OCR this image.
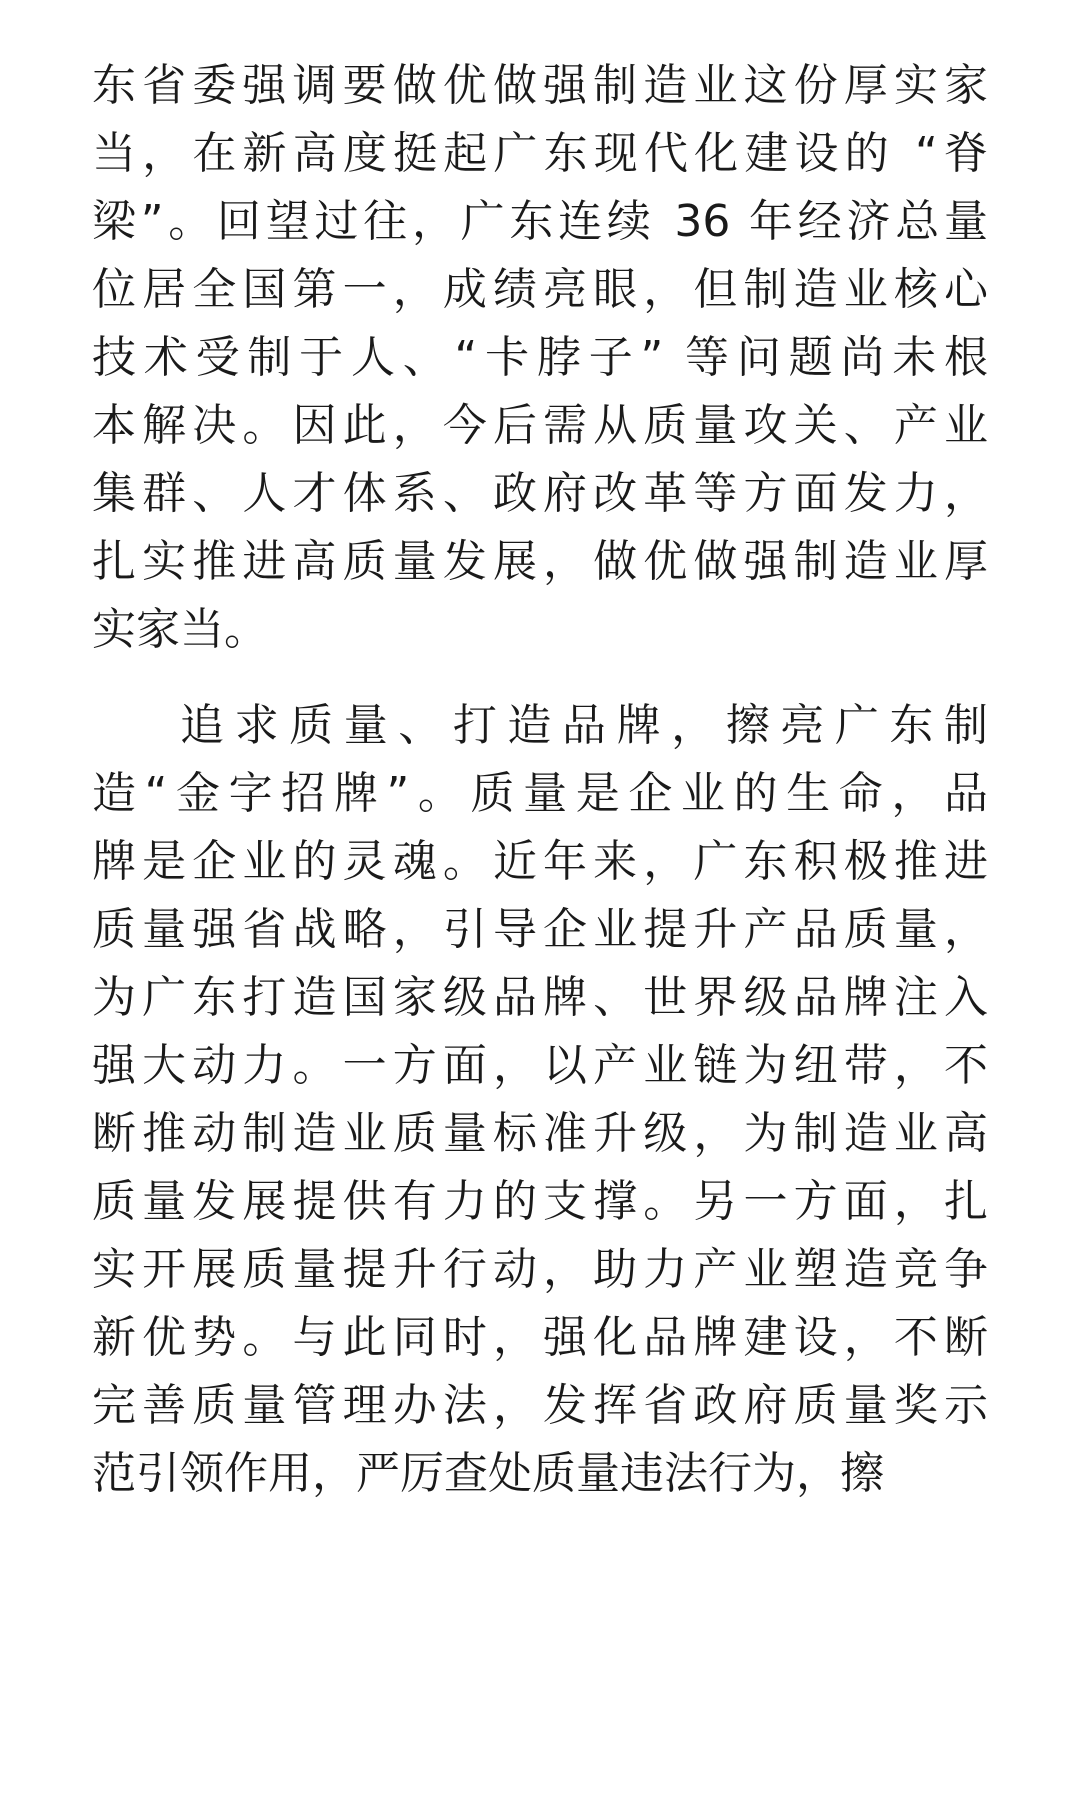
东省委强调要做优做强制造业这份厚实家
当，在新高度挺起广东现代化建设的 “脊
梁”。回望过往，广东连续 36 年经济总量
位居全国第一，成绩亮眼，但制造业核心
技术受制于人、“卡脖子” 等问题尚未根
本解决。因此，今后需从质量攻关、产业
集群、人才体系、政府改革等方面发力，
扎实推进高质量发展，做优做强制造业厚
实家当。
追求质量、打造品牌，擦亮广东制
造“金字招牌”。质量是企业的生命，品
牌是企业的灵魂。近年来，广东积极推进
质量强省战略，引导企业提升产品质量，
为广东打造国家级品牌、世界级品牌注入
强大动力。一方面，以产业链为纽带，不
断推动制造业质量标准升级，为制造业高
质量发展提供有力的支撑。另一方面，扎
实开展质量提升行动，助力产业塑造竞争
新优势。与此同时，强化品牌建设，不断
完善质量管理办法，发挥省政府质量奖示
范引领作用，严厉查处质量违法行为，擦
